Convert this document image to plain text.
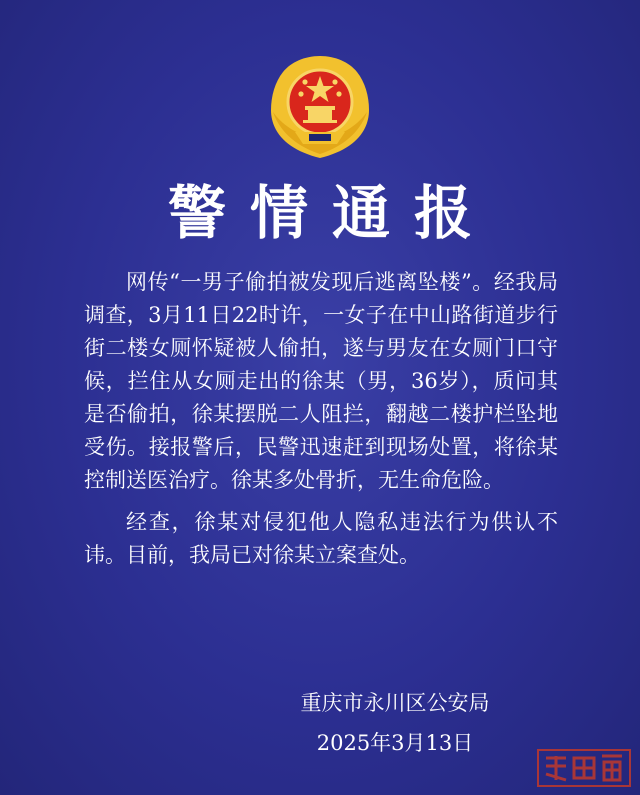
警情通报

网传“一男子偷拍被发现后逃离坠楼”。经我局调查，3月11日22时许，一女子在中山路街道步行街二楼女厕怀疑被人偷拍，遂与男友在女厕门口守候，拦住从女厕走出的徐某（男，36岁），质问其是否偷拍，徐某摆脱二人阻拦，翻越二楼护栏坠地受伤。接报警后，民警迅速赶到现场处置，将徐某控制送医治疗。徐某多处骨折，无生命危险。

经查，徐某对侵犯他人隐私违法行为供认不讳。目前，我局已对徐某立案查处。

重庆市永川区公安局
2025年3月13日
